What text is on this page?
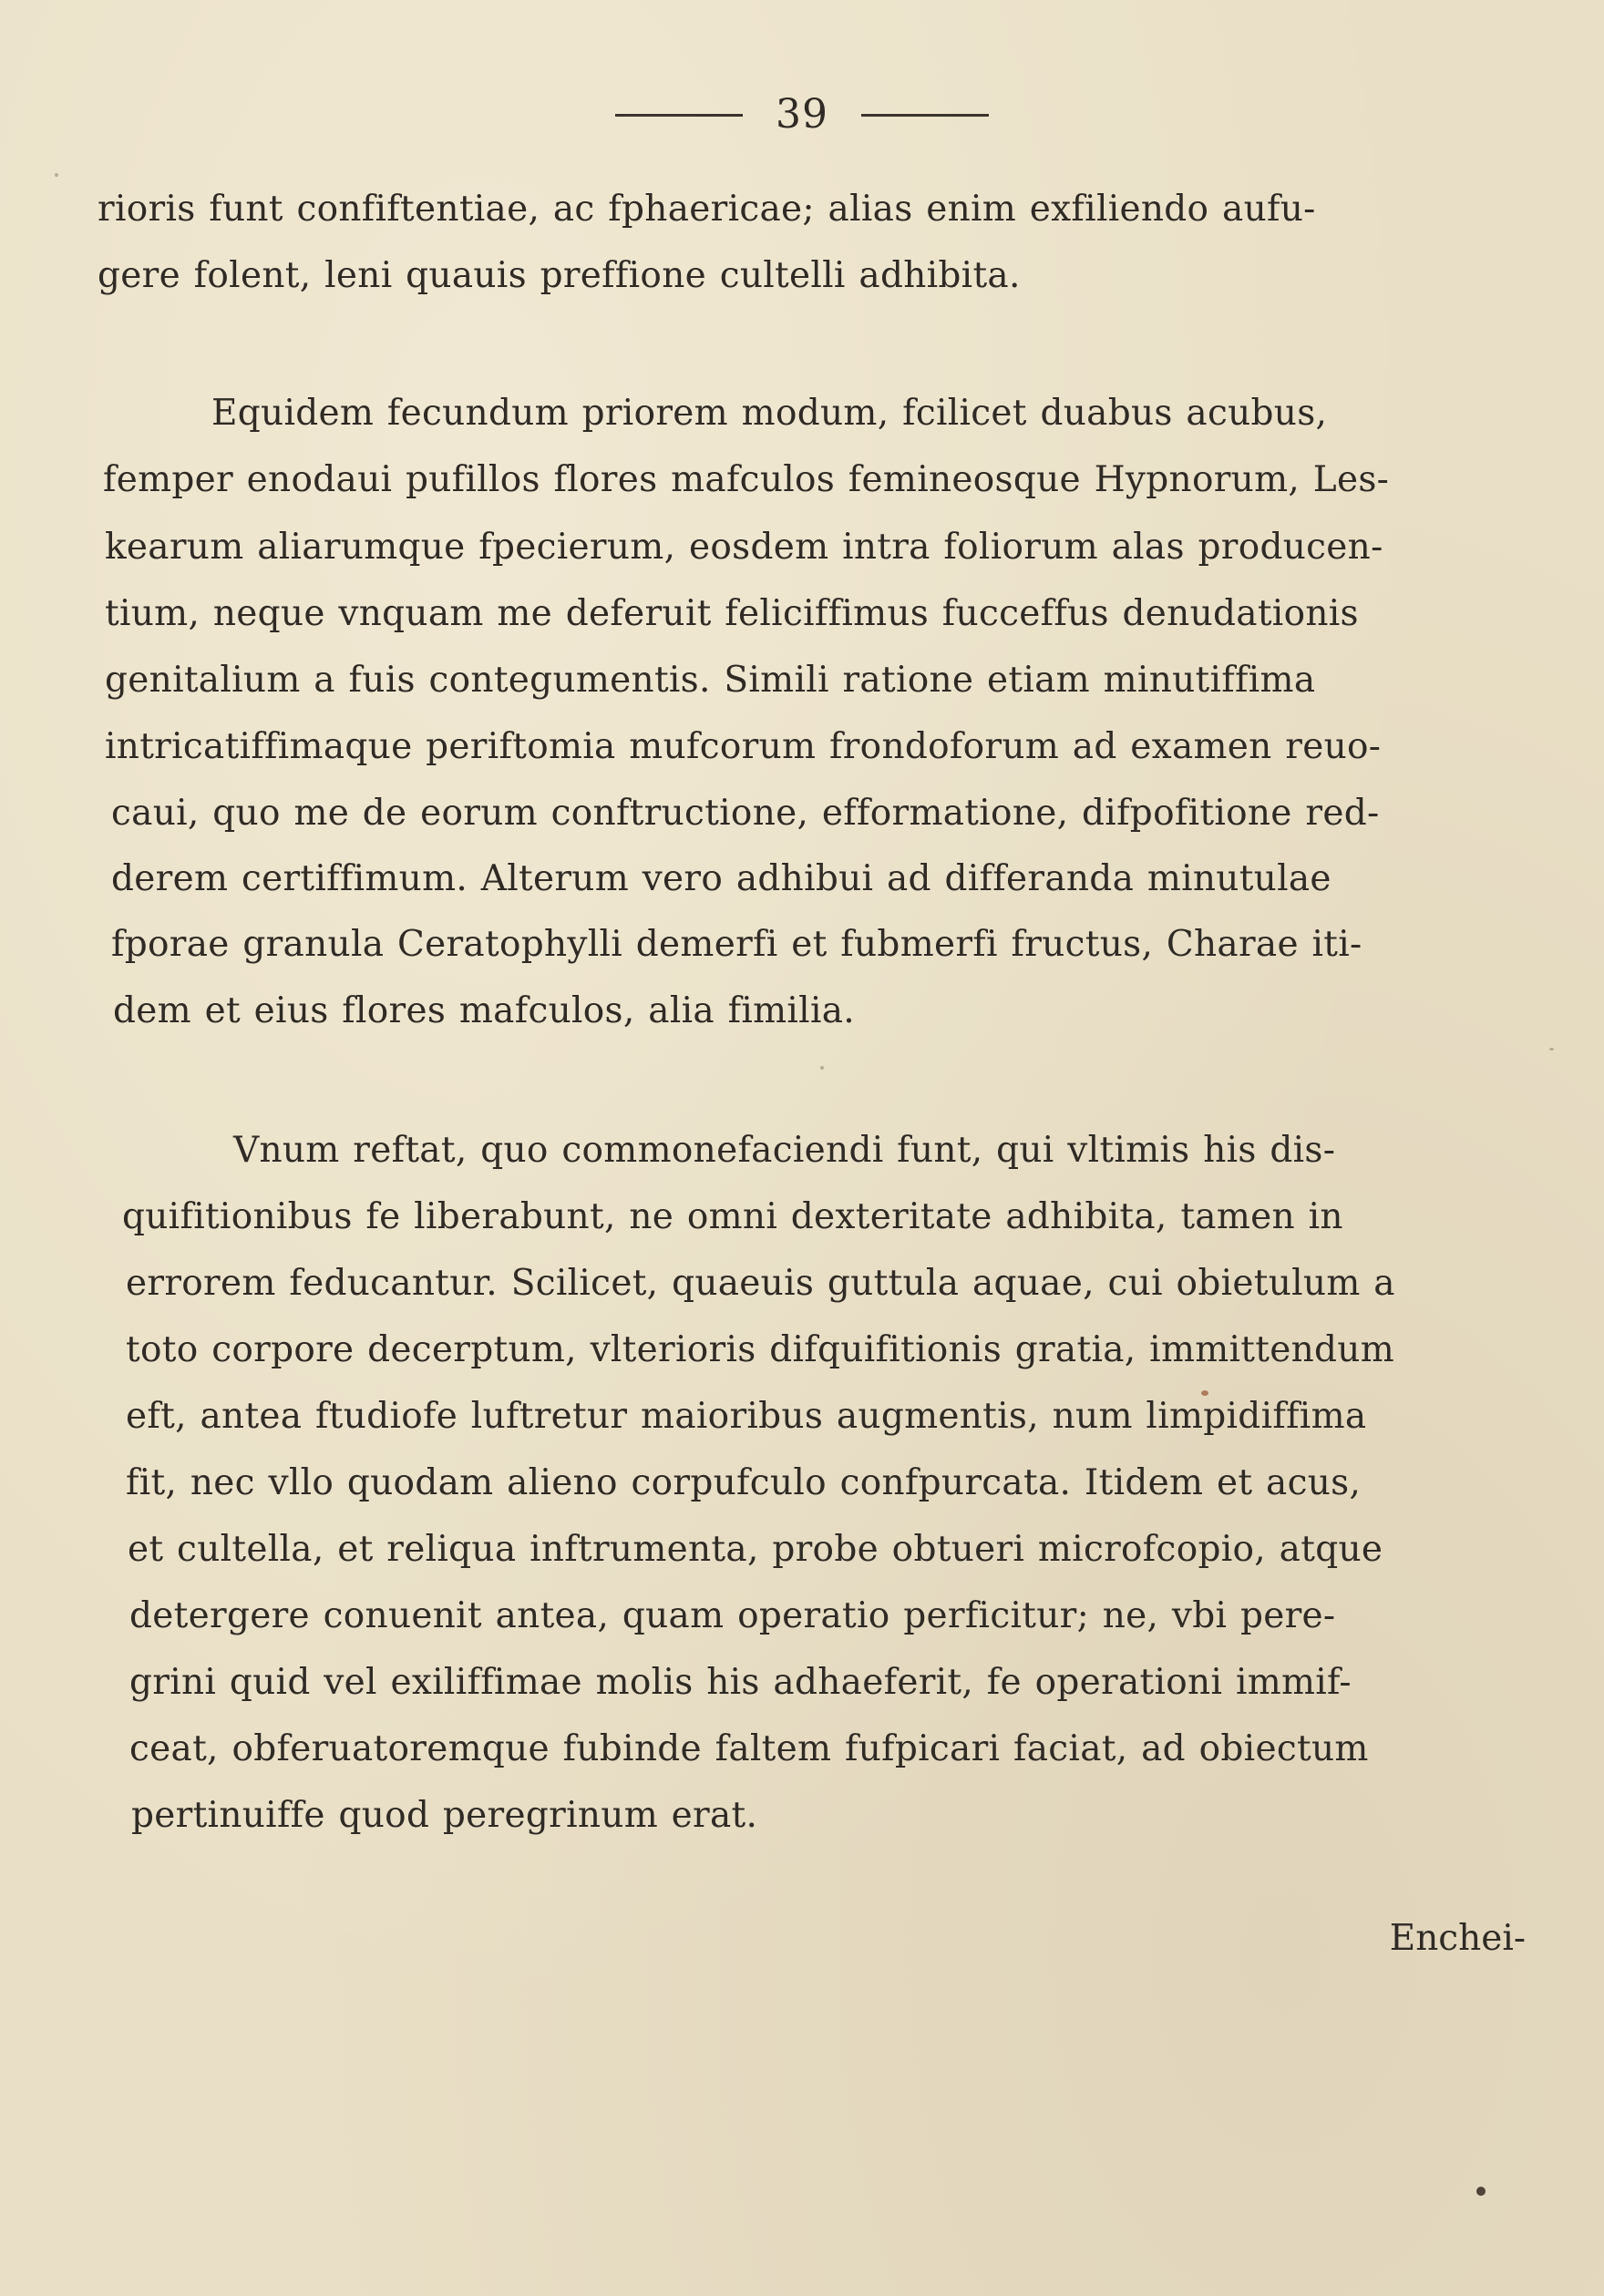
39
rioris funt confiftentiae, ac fphaericae; alias enim exfiliendo aufu-
gere folent, leni quauis preffione cultelli adhibita.
Equidem fecundum priorem modum, fcilicet duabus acubus,
femper enodaui pufillos flores mafculos femineosque Hypnorum, Les-
kearum aliarumque fpecierum, eosdem intra foliorum alas producen-
tium, neque vnquam me deferuit feliciffimus fucceffus denudationis
genitalium a fuis contegumentis. Simili ratione etiam minutiffima
intricatiffimaque periftomia mufcorum frondoforum ad examen reuo-
caui, quo me de eorum conftructione, efformatione, difpofitione red-
derem certiffimum. Alterum vero adhibui ad differanda minutulae
fporae granula Ceratophylli demerfi et fubmerfi fructus, Charae iti-
dem et eius flores mafculos, alia fimilia.
Vnum reftat, quo commonefaciendi funt, qui vltimis his dis-
quifitionibus fe liberabunt, ne omni dexteritate adhibita, tamen in
errorem feducantur. Scilicet, quaeuis guttula aquae, cui obietulum a
toto corpore decerptum, vlterioris difquifitionis gratia, immittendum
eft, antea ftudiofe luftretur maioribus augmentis, num limpidiffima
fit, nec vllo quodam alieno corpufculo confpurcata. Itidem et acus,
et cultella, et reliqua inftrumenta, probe obtueri microfcopio, atque
detergere conuenit antea, quam operatio perficitur; ne, vbi pere-
grini quid vel exiliffimae molis his adhaeferit, fe operationi immif-
ceat, obferuatoremque fubinde faltem fufpicari faciat, ad obiectum
pertinuiffe quod peregrinum erat.
Enchei-
